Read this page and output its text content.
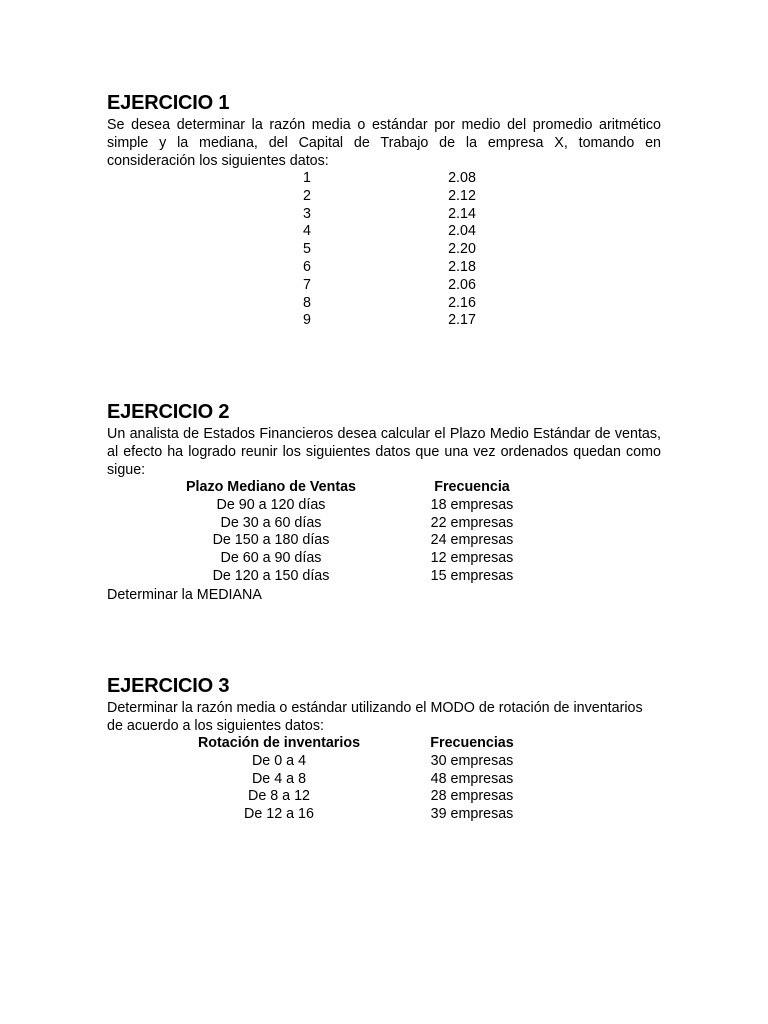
EJERCICIO 1

Se desea determinar la razón media o estándar por medio del promedio aritmético simple y la mediana, del Capital de Trabajo de la empresa X, tomando en consideración los siguientes datos:

1	2.08
2	2.12
3	2.14
4	2.04
5	2.20
6	2.18
7	2.06
8	2.16
9	2.17
EJERCICIO 2

Un analista de Estados Financieros desea calcular el Plazo Medio Estándar de ventas, al efecto ha logrado reunir los siguientes datos que una vez ordenados quedan como sigue:

Plazo Mediano de Ventas	Frecuencia
De 90 a 120 días	18 empresas
De 30 a 60 días	22 empresas
De 150 a 180 días	24 empresas
De 60 a 90 días	12 empresas
De 120 a 150 días	15 empresas

Determinar la MEDIANA

EJERCICIO 3

Determinar la razón media o estándar utilizando el MODO de rotación de inventarios de acuerdo a los siguientes datos:

Rotación de inventarios	Frecuencias
De 0 a 4	30 empresas
De 4 a 8	48 empresas
De 8 a 12	28 empresas
De 12 a 16	39 empresas
